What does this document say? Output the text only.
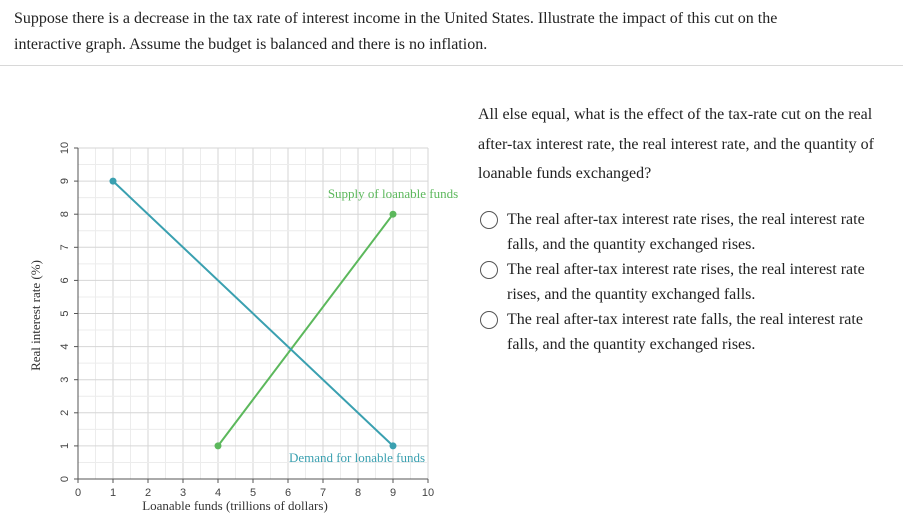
Suppose there is a decrease in the tax rate of interest income in the United States. Illustrate the impact of this cut on the
interactive graph. Assume the budget is balanced and there is no inflation.
0	1	2	3	4	5	6	7	8	9 10
0
1
2
3
4
5
6
7
8
9
10
Supply of loanable funds
Demand for lonable funds
Loanable funds (trillions of dollars)
Real interest rate (%)
All else equal, what is the effect of the tax-rate cut on the real after-tax interest rate, the real interest rate, and the quantity of loanable funds exchanged?
The real after-tax interest rate rises, the real interest rate falls, and the quantity exchanged rises.
The real after-tax interest rate rises, the real interest rate rises, and the quantity exchanged falls.
The real after-tax interest rate falls, the real interest rate falls, and the quantity exchanged rises.
